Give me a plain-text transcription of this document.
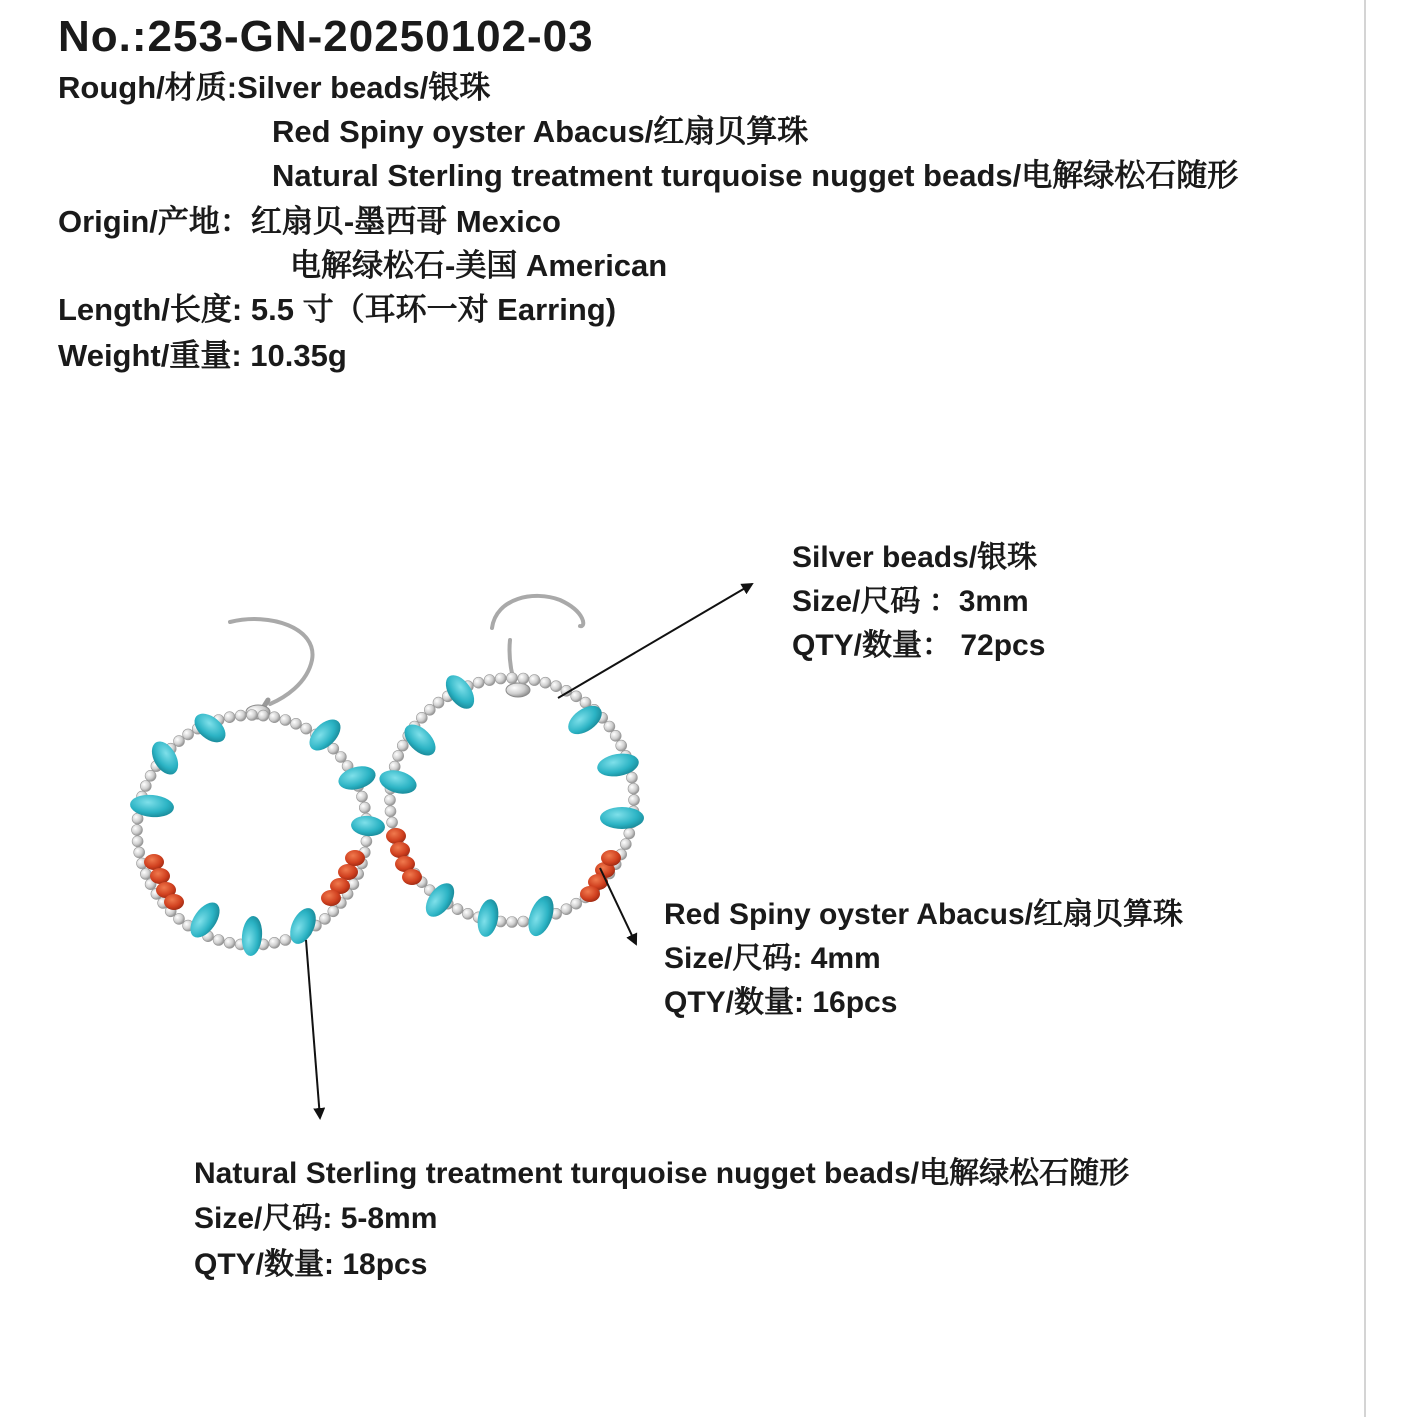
No.:253-GN-20250102-03
Rough/材质:Silver beads/银珠
Red Spiny oyster Abacus/红扇贝算珠
Natural Sterling treatment turquoise nugget beads/电解绿松石随形
Origin/产地：红扇贝-墨西哥 Mexico
电解绿松石-美国 American
Length/长度: 5.5 寸（耳环一对 Earring)
Weight/重量: 10.35g
Silver beads/银珠
Size/尺码 ：3mm
QTY/数量： 72pcs
Red Spiny oyster Abacus/红扇贝算珠
Size/尺码: 4mm
QTY/数量: 16pcs
Natural Sterling treatment turquoise nugget beads/电解绿松石随形
Size/尺码: 5-8mm
QTY/数量: 18pcs
